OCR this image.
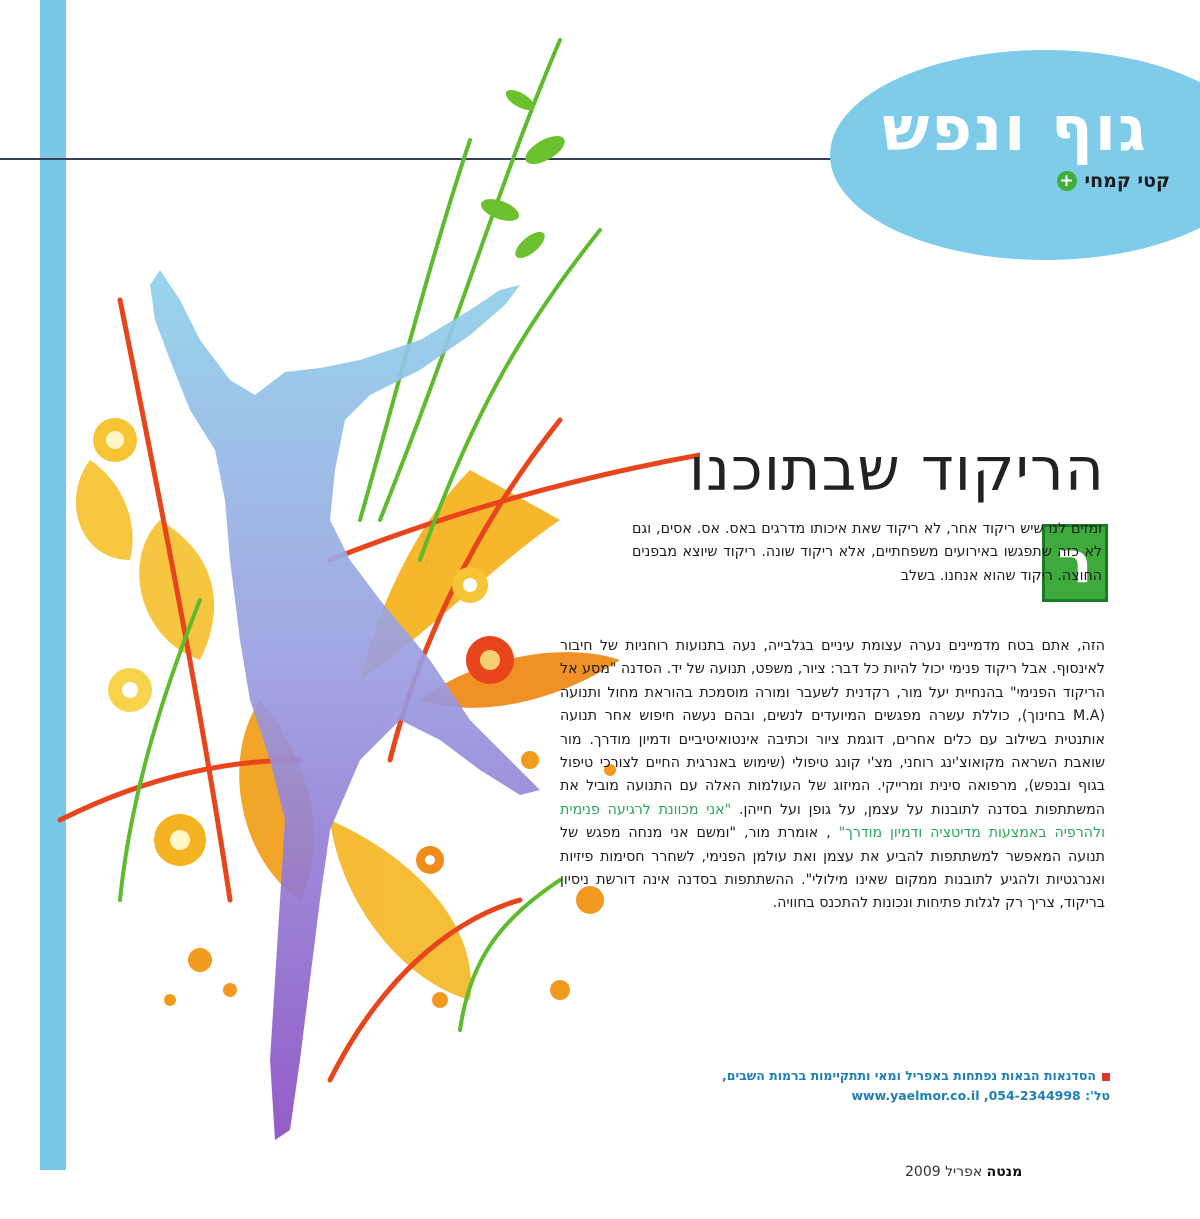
גוף ונפש
קטי קמחי
+
הריקוד שבתוכנו
ר
ומזים לנו שיש ריקוד אחר, לא ריקוד שאת איכותו מדרגים באס. אס. אסים, וגם לא כזה שתפגשו באירועים משפחתיים, אלא ריקוד שונה. ריקוד שיוצא מבפנים החוצה. ריקוד שהוא אנחנו. בשלב
הזה, אתם בטח מדמיינים נערה עצומת עיניים בגלבייה, נעה בתנועות רוחניות של חיבור לאינסוף. אבל ריקוד פנימי יכול להיות כל דבר: ציור, משפט, תנועה של יד. הסדנה "מסע אל הריקוד הפנימי" בהנחיית יעל מור, רקדנית לשעבר ומורה מוסמכת בהוראת מחול ותנועה (M.A בחינוך), כוללת עשרה מפגשים המיועדים לנשים, ובהם נעשה חיפוש אחר תנועה אותנטית בשילוב עם כלים אחרים, דוגמת ציור וכתיבה אינטואיטיביים ודמיון מודרך. מור שואבת השראה מקואוצ'ינג רוחני, מצ'י קונג טיפולי (שימוש באנרגית החיים לצורכי טיפול בגוף ובנפש), מרפואה סינית ומרייקי. המיזוג של העולמות האלה עם התנועה מוביל את המשתתפות בסדנה לתובנות על עצמן, על גופן ועל חייהן. "אני מכוונת לרגיעה פנימית ולהרפיה באמצעות מדיטציה ודמיון מודרך" , אומרת מור, "ומשם אני מנחה מפגש של תנועה המאפשר למשתתפות להביע את עצמן ואת עולמן הפנימי, לשחרר חסימות פיזיות ואנרגטיות ולהגיע לתובנות ממקום שאינו מילולי". ההשתתפות בסדנה אינה דורשת ניסיון בריקוד, צריך רק לגלות פתיחות ונכונות להתכנס בחוויה.
הסדנאות הבאות נפתחות באפריל ומאי ותתקיימות ברמות השבים,
טל': 054-2344998, www.yaelmor.co.il
מנטה אפריל 2009
